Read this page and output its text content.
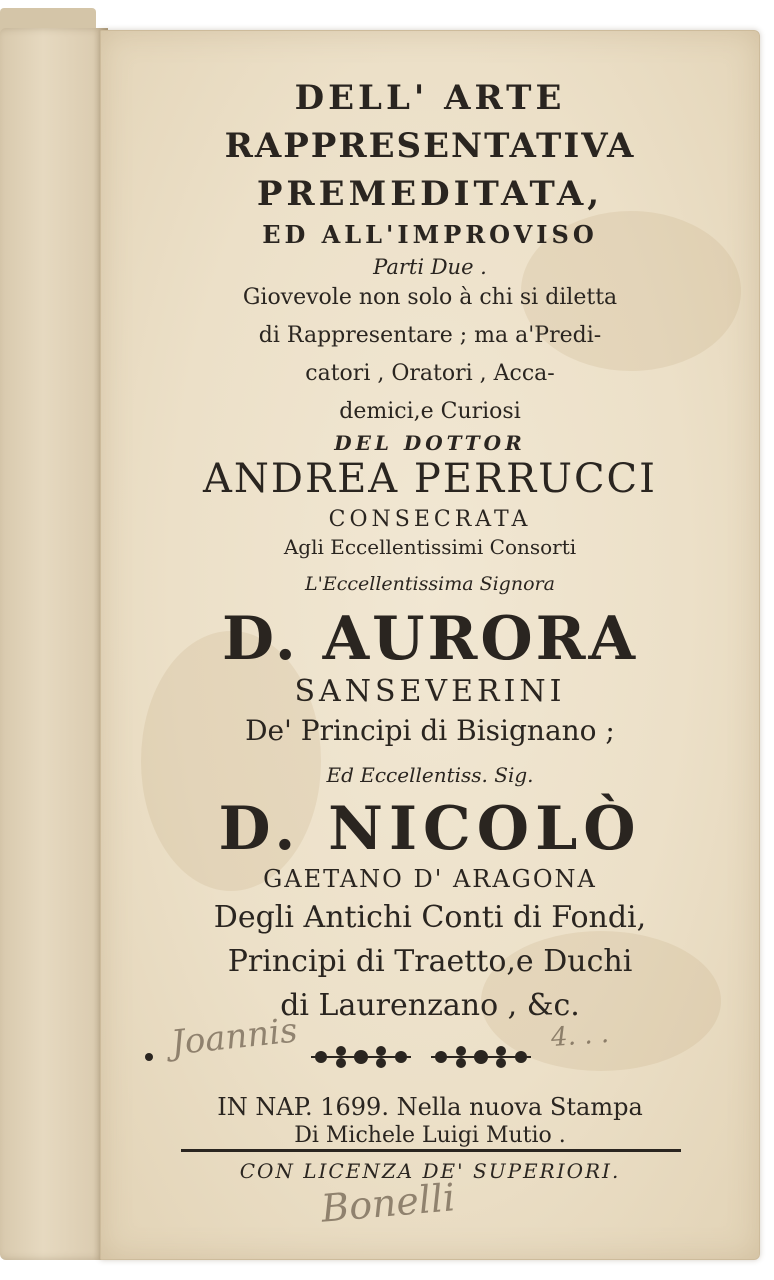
DELL' ARTE
RAPPRESENTATIVA
PREMEDITATA,
ED ALL'IMPROVISO
Parti Due .
Giovevole non solo à chi si diletta
di Rappresentare ; ma a'Predi-
catori , Oratori , Acca-
demici,e Curiosi
DEL DOTTOR
ANDREA PERRUCCI
CONSECRATA
Agli Eccellentissimi Consorti
L'Eccellentissima Signora
D. AURORA
SANSEVERINI
De' Principi di Bisignano ;
Ed Eccellentiss. Sig.
D. NICOLÒ
GAETANO D' ARAGONA
Degli Antichi Conti di Fondi,
Principi di Traetto,e Duchi
di Laurenzano , &c.
IN NAP. 1699. Nella nuova Stampa
Di Michele Luigi Mutio .
CON LICENZA DE' SUPERIORI.
Joannis	4. . .
Bonelli
